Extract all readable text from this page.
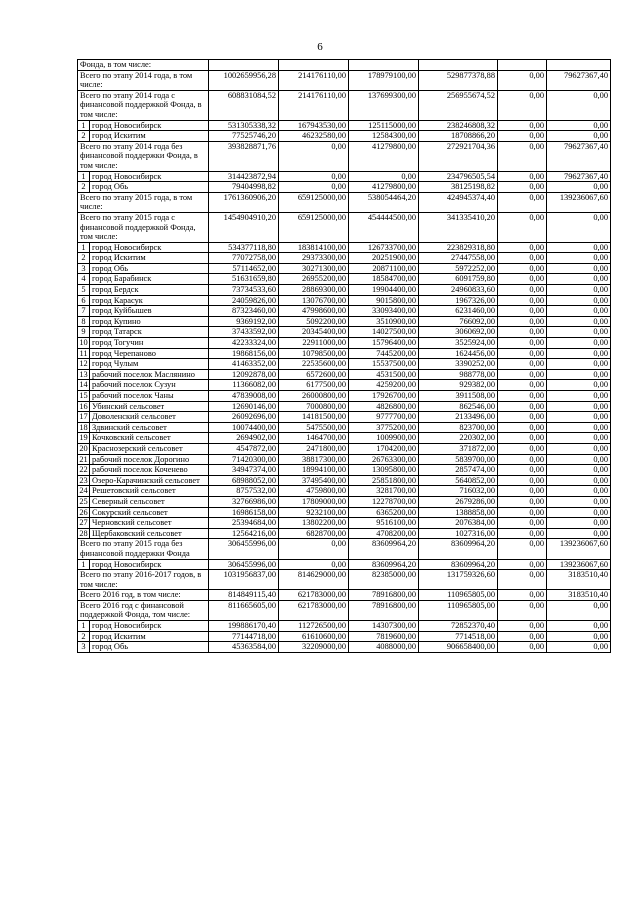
6
Фонда, в том числе:							
Всего по этапу 2014 года, в том числе:		1002659956,28	214176110,00	178979100,00	529877378,88	0,00	79627367,40
Всего по этапу 2014 года с финансовой поддержкой Фонда, в том числе:		608831084,52	214176110,00	137699300,00	256955674,52	0,00	0,00
1	город Новосибирск	531305338,32	167943530,00	125115000,00	238246808,32	0,00	0,00
2	город Искитим	77525746,20	46232580,00	12584300,00	18708866,20	0,00	0,00
Всего по этапу 2014 года без финансовой поддержки Фонда, в том числе:		393828871,76	0,00	41279800,00	272921704,36	0,00	79627367,40
1	город Новосибирск	314423872,94	0,00	0,00	234796505,54	0,00	79627367,40
2	город Обь	79404998,82	0,00	41279800,00	38125198,82	0,00	0,00
Всего по этапу 2015 года, в том числе:		1761360906,20	659125000,00	538054464,20	424945374,40	0,00	139236067,60
Всего по этапу 2015 года с финансовой поддержкой Фонда, том числе:		1454904910,20	659125000,00	454444500,00	341335410,20	0,00	0,00
1	город Новосибирск	534377118,80	183814100,00	126733700,00	223829318,80	0,00	0,00
2	город Искитим	77072758,00	29373300,00	20251900,00	27447558,00	0,00	0,00
3	город Обь	57114652,00	30271300,00	20871100,00	5972252,00	0,00	0,00
4	город Барабинск	51631659,80	26955200,00	18584700,00	6091759,80	0,00	0,00
5	город Бердск	73734533,60	28869300,00	19904400,00	24960833,60	0,00	0,00
6	город Карасук	24059826,00	13076700,00	9015800,00	1967326,00	0,00	0,00
7	город Куйбышев	87323460,00	47998600,00	33093400,00	6231460,00	0,00	0,00
8	город Купино	9369192,00	5092200,00	3510900,00	766092,00	0,00	0,00
9	город Татарск	37433592,00	20345400,00	14027500,00	3060692,00	0,00	0,00
10	город Тогучин	42233324,00	22911000,00	15796400,00	3525924,00	0,00	0,00
11	город Черепаново	19868156,00	10798500,00	7445200,00	1624456,00	0,00	0,00
12	город Чулым	41463352,00	22535600,00	15537500,00	3390252,00	0,00	0,00
13	рабочий поселок Маслянино	12092878,00	6572600,00	4531500,00	988778,00	0,00	0,00
14	рабочий поселок Сузун	11366082,00	6177500,00	4259200,00	929382,00	0,00	0,00
15	рабочий поселок Чаны	47839008,00	26000800,00	17926700,00	3911508,00	0,00	0,00
16	Убинский сельсовет	12690146,00	7000800,00	4826800,00	862546,00	0,00	0,00
17	Доволенский сельсовет	26092696,00	14181500,00	9777700,00	2133496,00	0,00	0,00
18	Здвинский сельсовет	10074400,00	5475500,00	3775200,00	823700,00	0,00	0,00
19	Кочковский сельсовет	2694902,00	1464700,00	1009900,00	220302,00	0,00	0,00
20	Краснозерский сельсовет	4547872,00	2471800,00	1704200,00	371872,00	0,00	0,00
21	рабочий поселок Дорогино	71420300,00	38817300,00	26763300,00	5839700,00	0,00	0,00
22	рабочий поселок Коченево	34947374,00	18994100,00	13095800,00	2857474,00	0,00	0,00
23	Озеро-Карачинский сельсовет	68988052,00	37495400,00	25851800,00	5640852,00	0,00	0,00
24	Решетовский сельсовет	8757532,00	4759800,00	3281700,00	716032,00	0,00	0,00
25	Северный сельсовет	32766986,00	17809000,00	12278700,00	2679286,00	0,00	0,00
26	Сокурский сельсовет	16986158,00	9232100,00	6365200,00	1388858,00	0,00	0,00
27	Черновский сельсовет	25394684,00	13802200,00	9516100,00	2076384,00	0,00	0,00
28	Щербаковский сельсовет	12564216,00	6828700,00	4708200,00	1027316,00	0,00	0,00
Всего по этапу 2015 года без финансовой поддержки Фонда		306455996,00	0,00	83609964,20	83609964,20	0,00	139236067,60
1	город Новосибирск	306455996,00	0,00	83609964,20	83609964,20	0,00	139236067,60
Всего по этапу 2016-2017 годов, в том числе:		1031956837,00	814629000,00	82385000,00	131759326,60	0,00	3183510,40
Всего 2016 год, в том числе:		814849115,40	621783000,00	78916800,00	110965805,00	0,00	3183510,40
Всего 2016 год с финансовой поддержкой Фонда, том числе:		811665605,00	621783000,00	78916800,00	110965805,00	0,00	0,00
1	город Новосибирск	199886170,40	112726500,00	14307300,00	72852370,40	0,00	0,00
2	город Искитим	77144718,00	61610600,00	7819600,00	7714518,00	0,00	0,00
3	город Обь	45363584,00	32209000,00	4088000,00	906658400,00	0,00	0,00
